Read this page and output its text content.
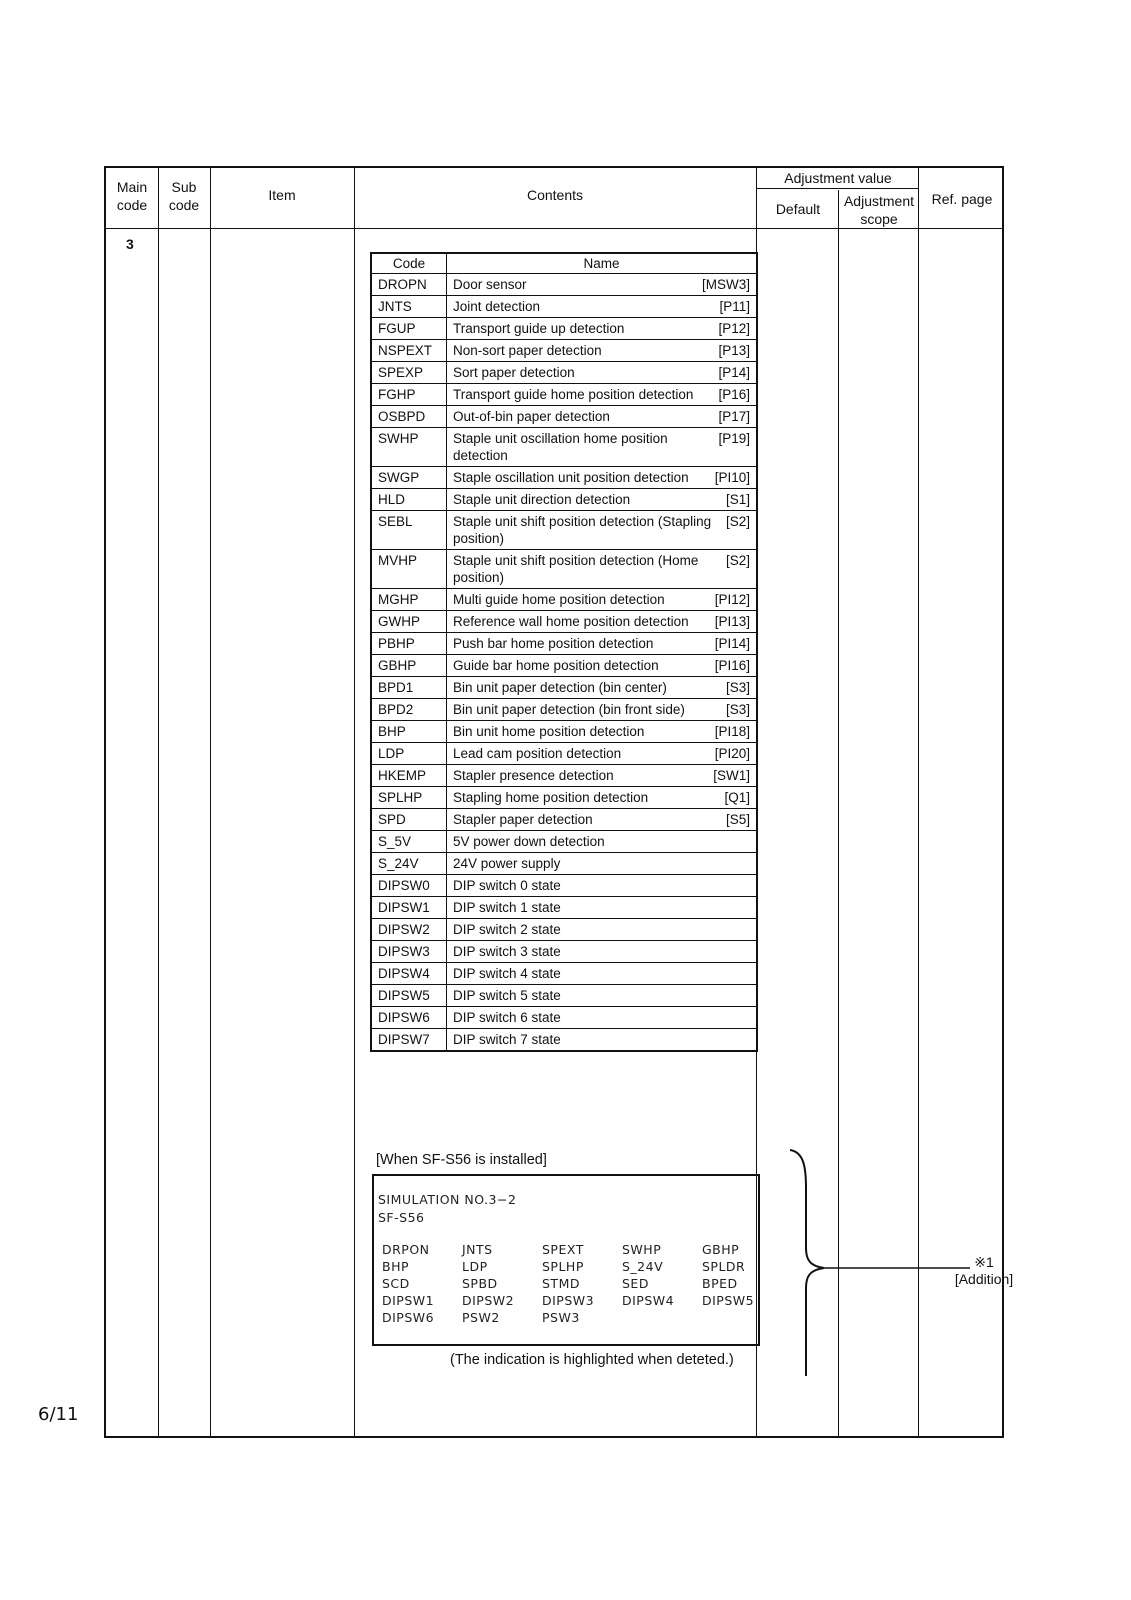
Main code
Sub code
Item	Contents
Adjustment value
Default	Adjustment scope
Ref. page
3
Code	Name
DROPN	Door sensor [MSW3]

JNTS	Joint detection [P11]

FGUP	Transport guide up detection [P12]

NSPEXT	Non-sort paper detection [P13]

SPEXP	Sort paper detection [P14]

FGHP	Transport guide home position detection [P16]

OSBPD	Out-of-bin paper detection [P17]

SWHP	Staple unit oscillation home position detection
[P19]

SWGP	Staple oscillation unit position detection [PI10]

HLD	Staple unit direction detection [S1]

SEBL	Staple unit shift position detection (Stapling position)
[S2]

MVHP	Staple unit shift position detection (Home position)
[S2]

MGHP	Multi guide home position detection [PI12]

GWHP	Reference wall home position detection [PI13]

PBHP	Push bar home position detection [PI14]

GBHP	Guide bar home position detection [PI16]

BPD1	Bin unit paper detection (bin center) [S3]

BPD2	Bin unit paper detection (bin front side) [S3]

BHP	Bin unit home position detection [PI18]

LDP	Lead cam position detection [PI20]

HKEMP	Stapler presence detection [SW1]

SPLHP	Stapling home position detection [Q1]

SPD	Stapler paper detection [S5]

S_5V	5V power down detection

S_24V	24V power supply

DIPSW0	DIP switch 0 state

DIPSW1	DIP switch 1 state

DIPSW2	DIP switch 2 state

DIPSW3	DIP switch 3 state

DIPSW4	DIP switch 4 state

DIPSW5	DIP switch 5 state

DIPSW6	DIP switch 6 state

DIPSW7	DIP switch 7 state
[When SF-S56 is installed]
SIMULATION NO.3−2
SF-S56
DRPON	JNTS	SPEXT	SWHP	GBHP
BHP	LDP	SPLHP	S_24V	SPLDR
SCD	SPBD	STMD	SED	BPED
DIPSW1	DIPSW2	DIPSW3	DIPSW4	DIPSW5
DIPSW6	PSW2	PSW3
(The indication is highlighted when deteted.)
※1
[Addition]
6/11
